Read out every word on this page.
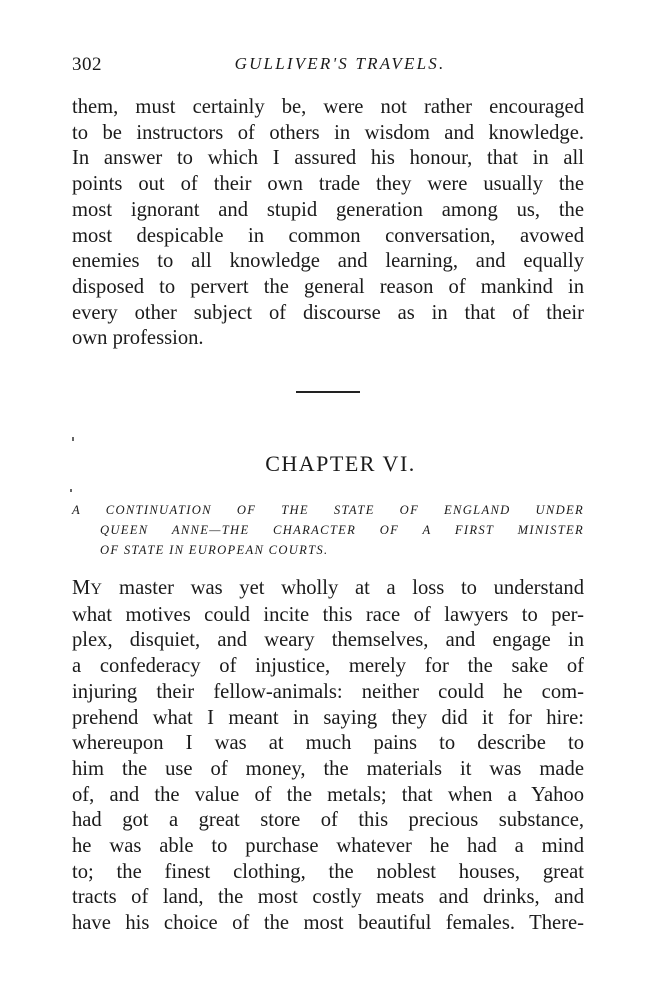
302	GULLIVER'S TRAVELS.
them, must certainly be, were not rather encouraged
to be instructors of others in wisdom and knowledge.
In answer to which I assured his honour, that in all
points out of their own trade they were usually the
most ignorant and stupid generation among us, the
most despicable in common conversation, avowed
enemies to all knowledge and learning, and equally
disposed to pervert the general reason of mankind in
every other subject of discourse as in that of their
own profession.
CHAPTER VI.
A CONTINUATION OF THE STATE OF ENGLAND UNDER
QUEEN ANNE—THE CHARACTER OF A FIRST MINISTER
OF STATE IN EUROPEAN COURTS.
MY master was yet wholly at a loss to understand
what motives could incite this race of lawyers to per-
plex, disquiet, and weary themselves, and engage in
a confederacy of injustice, merely for the sake of
injuring their fellow-animals: neither could he com-
prehend what I meant in saying they did it for hire:
whereupon I was at much pains to describe to
him the use of money, the materials it was made
of, and the value of the metals; that when a Yahoo
had got a great store of this precious substance,
he was able to purchase whatever he had a mind
to; the finest clothing, the noblest houses, great
tracts of land, the most costly meats and drinks, and
have his choice of the most beautiful females. There-
